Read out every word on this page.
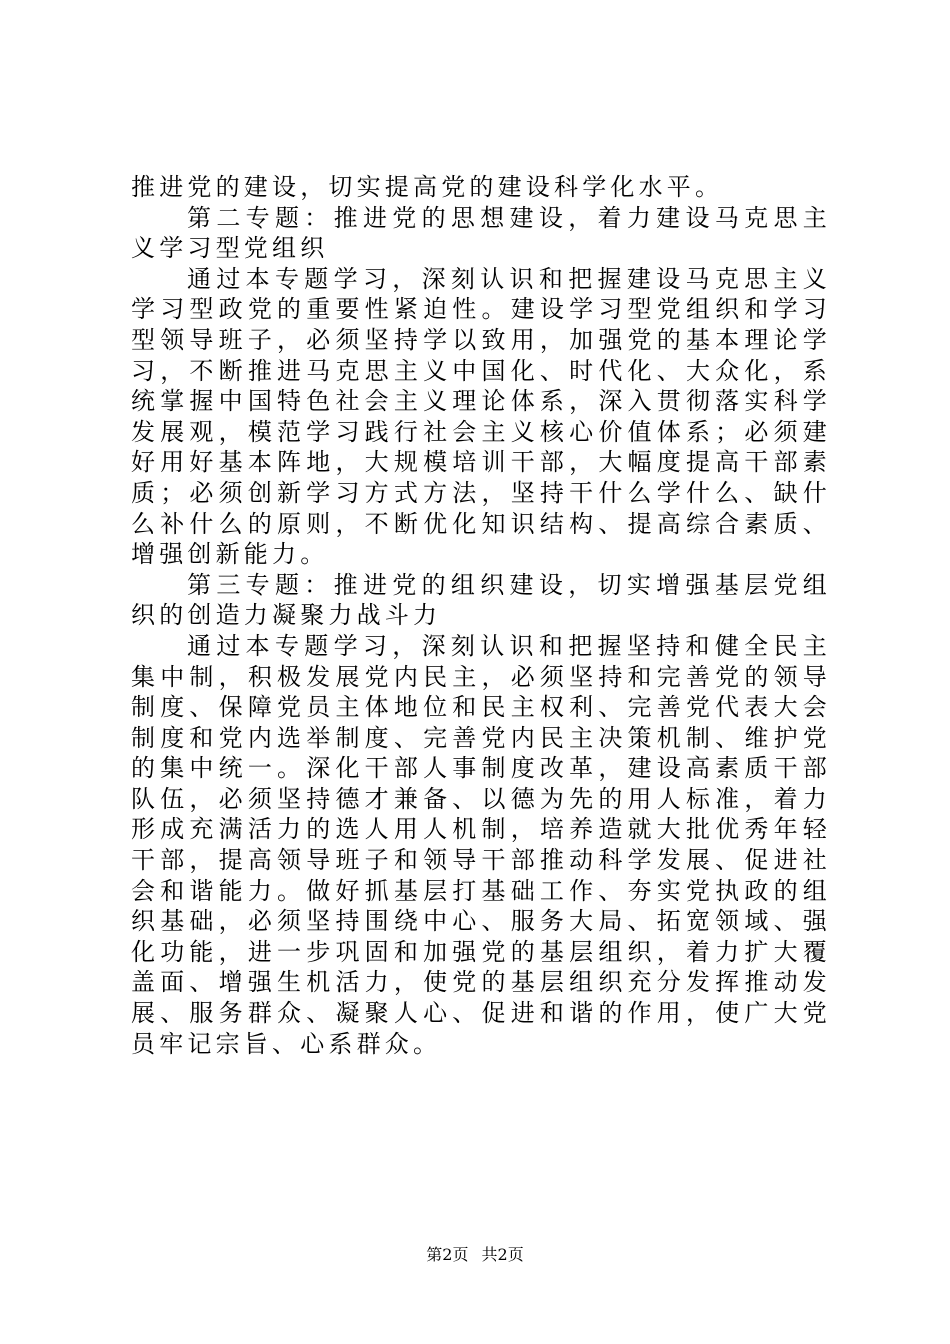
推进党的建设，切实提高党的建设科学化水平。

第二专题：推进党的思想建设，着力建设马克思主义学习型党组织

通过本专题学习，深刻认识和把握建设马克思主义学习型政党的重要性紧迫性。建设学习型党组织和学习型领导班子，必须坚持学以致用，加强党的基本理论学习，不断推进马克思主义中国化、时代化、大众化，系统掌握中国特色社会主义理论体系，深入贯彻落实科学发展观，模范学习践行社会主义核心价值体系；必须建好用好基本阵地，大规模培训干部，大幅度提高干部素质；必须创新学习方式方法，坚持干什么学什么、缺什么补什么的原则，不断优化知识结构、提高综合素质、增强创新能力。

第三专题：推进党的组织建设，切实增强基层党组织的创造力凝聚力战斗力

通过本专题学习，深刻认识和把握坚持和健全民主集中制，积极发展党内民主，必须坚持和完善党的领导制度、保障党员主体地位和民主权利、完善党代表大会制度和党内选举制度、完善党内民主决策机制、维护党的集中统一。深化干部人事制度改革，建设高素质干部队伍，必须坚持德才兼备、以德为先的用人标准，着力形成充满活力的选人用人机制，培养造就大批优秀年轻干部，提高领导班子和领导干部推动科学发展、促进社会和谐能力。做好抓基层打基础工作、夯实党执政的组织基础，必须坚持围绕中心、服务大局、拓宽领域、强化功能，进一步巩固和加强党的基层组织，着力扩大覆盖面、增强生机活力，使党的基层组织充分发挥推动发展、服务群众、凝聚人心、促进和谐的作用，使广大党员牢记宗旨、心系群众。

第2页 共2页
